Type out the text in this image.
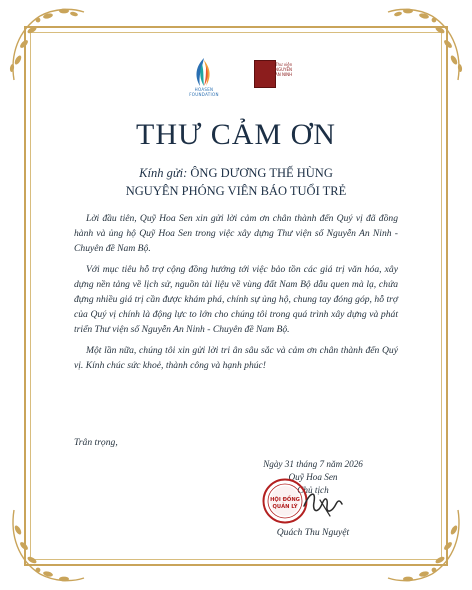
HOASEN FOUNDATION
Thư viện NGUYỄN AN NINH
THƯ CẢM ƠN
Kính gửi: ÔNG DƯƠNG THẾ HÙNG
NGUYÊN PHÓNG VIÊN BÁO TUỔI TRẺ

Lời đầu tiên, Quỹ Hoa Sen xin gửi lời cảm ơn chân thành đến Quý vị đã đồng hành và ủng hộ Quỹ Hoa Sen trong việc xây dựng Thư viện số Nguyễn An Ninh - Chuyên đề Nam Bộ.

Với mục tiêu hỗ trợ cộng đồng hướng tới việc bảo tồn các giá trị văn hóa, xây dựng nền tảng về lịch sử, nguồn tài liệu về vùng đất Nam Bộ dẫu quen mà lạ, chứa đựng nhiều giá trị cần được khám phá, chính sự ủng hộ, chung tay đóng góp, hỗ trợ của Quý vị chính là động lực to lớn cho chúng tôi trong quá trình xây dựng và phát triển Thư viện số Nguyễn An Ninh - Chuyên đề Nam Bộ.

Một lần nữa, chúng tôi xin gửi lời tri ân sâu sắc và cảm ơn chân thành đến Quý vị. Kính chúc sức khoẻ, thành công và hạnh phúc!

Trân trọng,
Ngày 31 tháng 7 năm 2026
Quỹ Hoa Sen
Chủ tịch
HỘI ĐỒNG
QUẢN LÝ
Quách Thu Nguyệt
